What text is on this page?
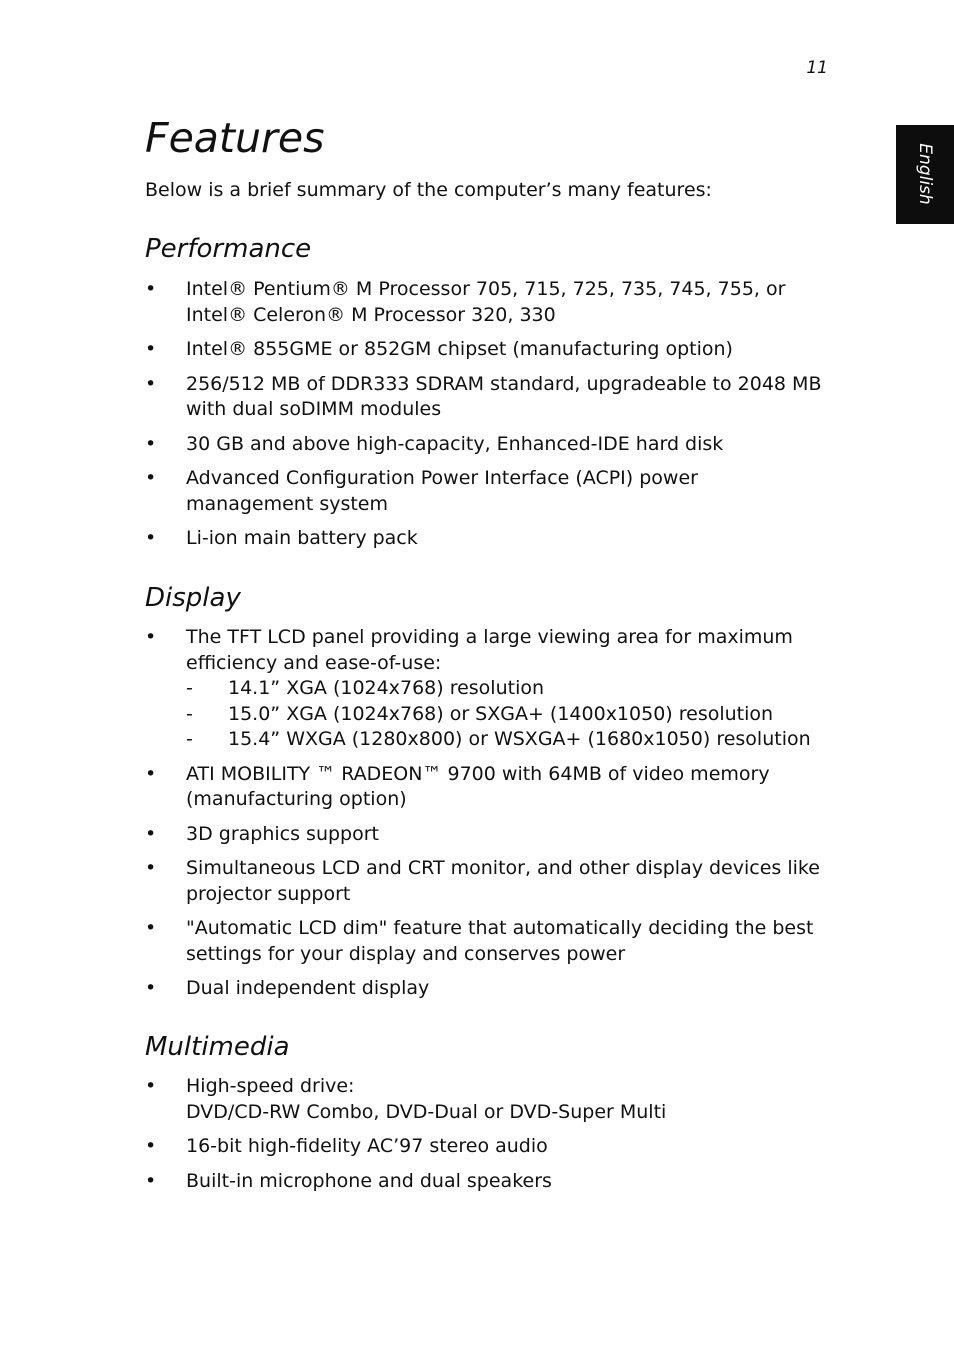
11
English
Features

Below is a brief summary of the computer’s many features:

Performance
• Intel® Pentium® M Processor 705, 715, 725, 735, 745, 755, or
Intel® Celeron® M Processor 320, 330
• Intel® 855GME or 852GM chipset (manufacturing option)
• 256/512 MB of DDR333 SDRAM standard, upgradeable to 2048 MB
with dual soDIMM modules
• 30 GB and above high-capacity, Enhanced-IDE hard disk
• Advanced Configuration Power Interface (ACPI) power
management system
• Li-ion main battery pack
Display
• The TFT LCD panel providing a large viewing area for maximum
efficiency and ease-of-use:
- 14.1” XGA (1024x768) resolution
- 15.0” XGA (1024x768) or SXGA+ (1400x1050) resolution
- 15.4” WXGA (1280x800) or WSXGA+ (1680x1050) resolution
• ATI MOBILITY ™ RADEON™ 9700 with 64MB of video memory
(manufacturing option)
• 3D graphics support
• Simultaneous LCD and CRT monitor, and other display devices like
projector support
• "Automatic LCD dim" feature that automatically deciding the best
settings for your display and conserves power
• Dual independent display
Multimedia
• High-speed drive:
DVD/CD-RW Combo, DVD-Dual or DVD-Super Multi
• 16-bit high-fidelity AC’97 stereo audio
• Built-in microphone and dual speakers
